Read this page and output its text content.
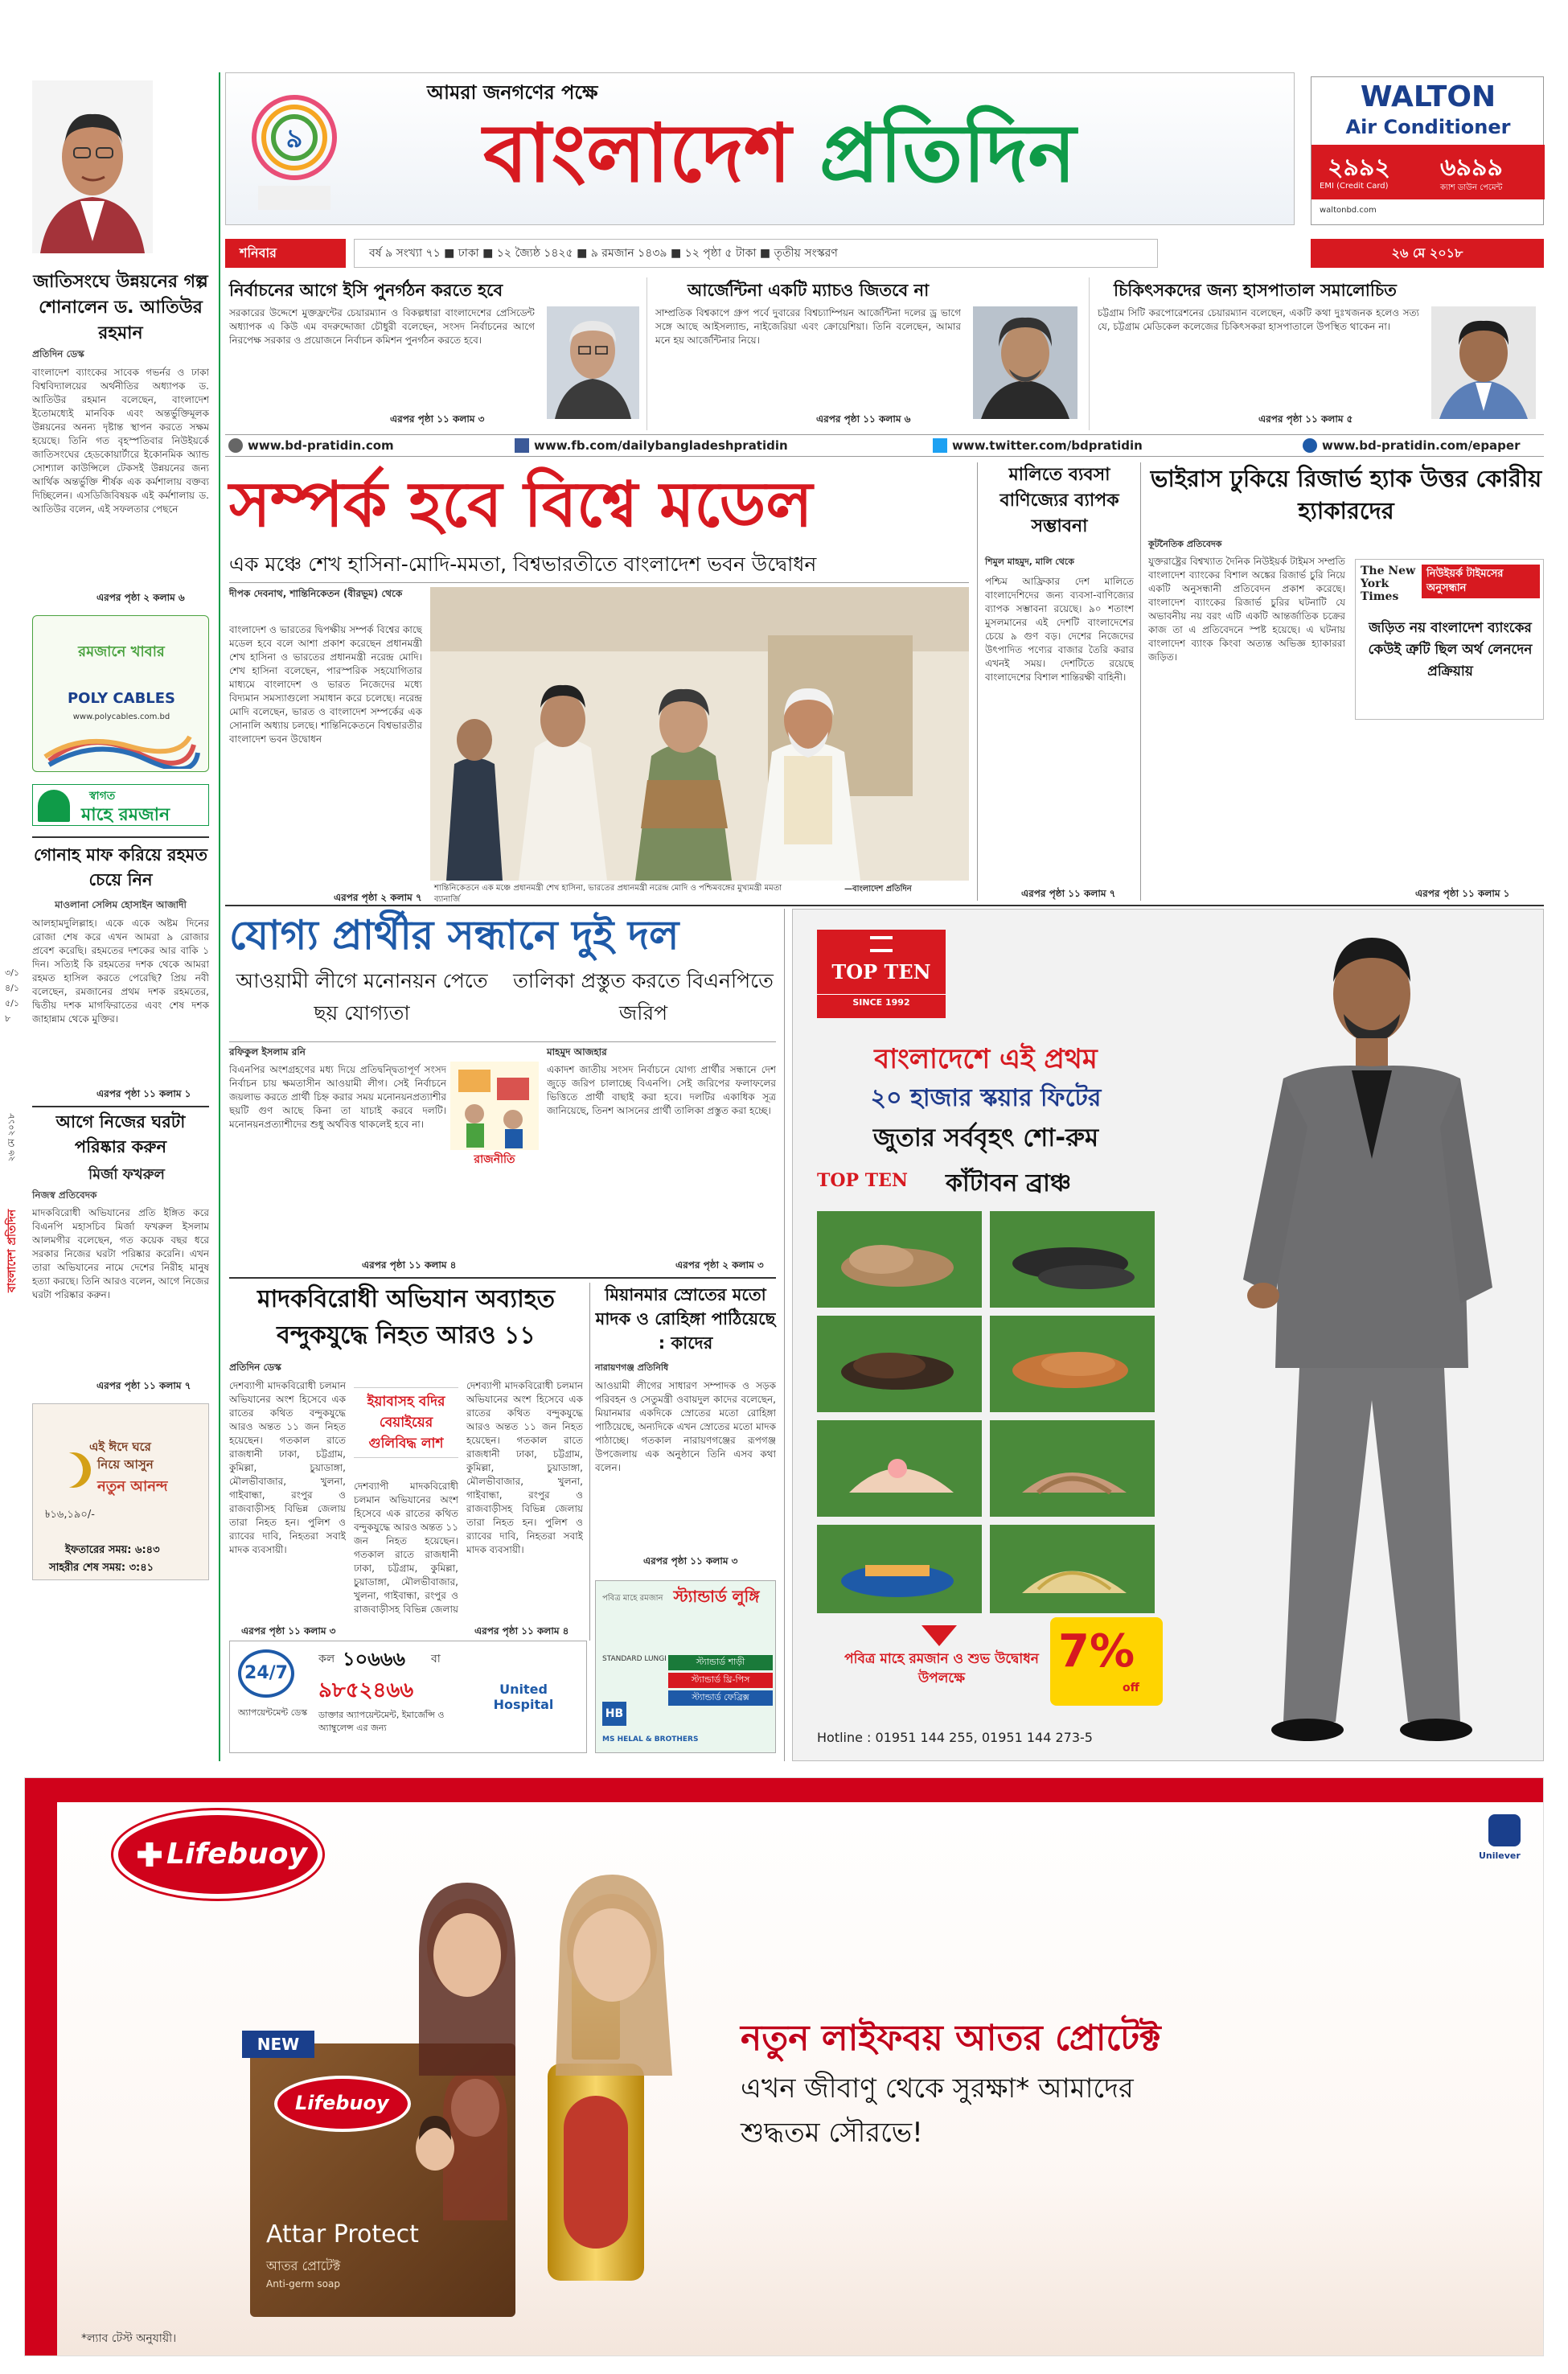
জাতিসংঘে উন্নয়নের গল্প শোনালেন ড. আতিউর রহমান
প্রতিদিন ডেস্ক
বাংলাদেশ ব্যাংকের সাবেক গভর্নর ও ঢাকা বিশ্ববিদ্যালয়ের অর্থনীতির অধ্যাপক ড. আতিউর রহমান বলেছেন, বাংলাদেশ ইতোমধ্যেই মানবিক এবং অন্তর্ভুক্তিমূলক উন্নয়নের অনন্য দৃষ্টান্ত স্থাপন করতে সক্ষম হয়েছে। তিনি গত বৃহস্পতিবার নিউইয়র্কে জাতিসংঘের হেডকোয়ার্টারে ইকোনমিক অ্যান্ড সোশ্যাল কাউন্সিলে টেকসই উন্নয়নের জন্য আর্থিক অন্তর্ভুক্তি শীর্ষক এক কর্মশালায় বক্তব্য দিচ্ছিলেন। এসডিজিবিষয়ক এই কর্মশালায় ড. আতিউর বলেন, এই সফলতার পেছনে
এরপর পৃষ্ঠা ২ কলাম ৬
রমজানে খাবার
POLY CABLES
www.polycables.com.bd
স্বাগত
মাহে রমজান
৩/১
৪/১
৫/১
৮
২৬ মে ২০১৮
বাংলাদেশ প্রতিদিন
গোনাহ মাফ করিয়ে রহমত চেয়ে নিন
মাওলানা সেলিম হোসাইন আজাদী
আলহামদুলিল্লাহ। একে একে অষ্টম দিনের রোজা শেষ করে এখন আমরা ৯ রোজার প্রবেশ করেছি। রহমতের দশকের আর বাকি ১ দিন। সত্যিই কি রহমতের দশক থেকে আমরা রহমত হাসিল করতে পেরেছি? প্রিয় নবী বলেছেন, রমজানের প্রথম দশক রহমতের, দ্বিতীয় দশক মাগফিরাতের এবং শেষ দশক জাহান্নাম থেকে মুক্তির।
এরপর পৃষ্ঠা ১১ কলাম ১
আগে নিজের ঘরটা পরিষ্কার করুন
মির্জা ফখরুল
নিজস্ব প্রতিবেদক
মাদকবিরোধী অভিযানের প্রতি ইঙ্গিত করে বিএনপি মহাসচিব মির্জা ফখরুল ইসলাম আলমগীর বলেছেন, গত কয়েক বছর ধরে সরকার নিজের ঘরটা পরিষ্কার করেনি। এখন তারা অভিযানের নামে দেশের নিরীহ মানুষ হত্যা করছে। তিনি আরও বলেন, আগে নিজের ঘরটা পরিষ্কার করুন।
এরপর পৃষ্ঠা ১১ কলাম ৭
এই ঈদে ঘরে
নিয়ে আসুন
নতুন আনন্দ
৳১৬,১৯০/-
ইফতারের সময়: ৬:৪৩
সাহরীর শেষ সময়: ৩:৪১
৯
আমরা জনগণের পক্ষে
বাংলাদেশ প্রতিদিন
WALTON
Air Conditioner
২৯৯২ ৬৯৯৯
EMI (Credit Card)	ক্যাশ ডাউন পেমেন্ট
waltonbd.com
শনিবার	বর্ষ ৯ সংখ্যা ৭১ ■ ঢাকা ■ ১২ জ্যৈষ্ঠ ১৪২৫ ■ ৯ রমজান ১৪৩৯ ■ ১২ পৃষ্ঠা ৫ টাকা ■ তৃতীয় সংস্করণ	২৬ মে ২০১৮
নির্বাচনের আগে ইসি পুনর্গঠন করতে হবে
সরকারের উদ্দেশে মুক্তফ্রন্টের চেয়ারম্যান ও বিকল্পধারা বাংলাদেশের প্রেসিডেন্ট অধ্যাপক এ কিউ এম বদরুদ্দোজা চৌধুরী বলেছেন, সংসদ নির্বাচনের আগে নিরপেক্ষ সরকার ও প্রয়োজনে নির্বাচন কমিশন পুনর্গঠন করতে হবে।
এরপর পৃষ্ঠা ১১ কলাম ৩
আর্জেন্টিনা একটি ম্যাচও জিতবে না
সাম্প্রতিক বিশ্বকাপে গ্রুপ পর্বে দুবারের বিশ্বচ্যাম্পিয়ন আর্জেন্টিনা দলের ড্র ভাগে সঙ্গে আছে আইসল্যান্ড, নাইজেরিয়া এবং ক্রোয়েশিয়া। তিনি বলেছেন, আমার মনে হয় আর্জেন্টিনার নিয়ে।
এরপর পৃষ্ঠা ১১ কলাম ৬
চিকিৎসকদের জন্য হাসপাতাল সমালোচিত
চট্টগ্রাম সিটি করপোরেশনের চেয়ারম্যান বলেছেন, একটি কথা দুঃখজনক হলেও সত্য যে, চট্টগ্রাম মেডিকেল কলেজের চিকিৎসকরা হাসপাতালে উপস্থিত থাকেন না।
এরপর পৃষ্ঠা ১১ কলাম ৫
www.bd-pratidin.com	www.fb.com/dailybangladeshpratidin	www.twitter.com/bdpratidin	www.bd-pratidin.com/epaper
সম্পর্ক হবে বিশ্বে মডেল
এক মঞ্চে শেখ হাসিনা-মোদি-মমতা, বিশ্বভারতীতে বাংলাদেশ ভবন উদ্বোধন
দীপক দেবনাথ, শান্তিনিকেতন (বীরভূম) থেকে
বাংলাদেশ ও ভারতের দ্বিপক্ষীয় সম্পর্ক বিশ্বের কাছে মডেল হবে বলে আশা প্রকাশ করেছেন প্রধানমন্ত্রী শেখ হাসিনা ও ভারতের প্রধানমন্ত্রী নরেন্দ্র মোদি। শেখ হাসিনা বলেছেন, পারস্পরিক সহযোগিতার মাধ্যমে বাংলাদেশ ও ভারত নিজেদের মধ্যে বিদ্যমান সমস্যাগুলো সমাধান করে চলেছে। নরেন্দ্র মোদি বলেছেন, ভারত ও বাংলাদেশ সম্পর্কের এক সোনালি অধ্যায় চলছে। শান্তিনিকেতনে বিশ্বভারতীর বাংলাদেশ ভবন উদ্বোধন
এরপর পৃষ্ঠা ২ কলাম ৭
শান্তিনিকেতনে এক মঞ্চে প্রধানমন্ত্রী শেখ হাসিনা, ভারতের প্রধানমন্ত্রী নরেন্দ্র মোদি ও পশ্চিমবঙ্গের মুখ্যমন্ত্রী মমতা ব্যানার্জি
—বাংলাদেশ প্রতিদিন
মালিতে ব্যবসা বাণিজ্যের ব্যাপক সম্ভাবনা
শিমুল মাহমুদ, মালি থেকে
পশ্চিম আফ্রিকার দেশ মালিতে বাংলাদেশিদের জন্য ব্যবসা-বাণিজ্যের ব্যাপক সম্ভাবনা রয়েছে। ৯০ শতাংশ মুসলমানের এই দেশটি বাংলাদেশের চেয়ে ৯ গুণ বড়। দেশের নিজেদের উৎপাদিত পণ্যের বাজার তৈরি করার এখনই সময়। দেশটিতে রয়েছে বাংলাদেশের বিশাল শান্তিরক্ষী বাহিনী।
এরপর পৃষ্ঠা ১১ কলাম ৭
ভাইরাস ঢুকিয়ে রিজার্ভ হ্যাক উত্তর কোরীয় হ্যাকারদের
কূটনৈতিক প্রতিবেদক
যুক্তরাষ্ট্রের বিশ্বখ্যাত দৈনিক নিউইয়র্ক টাইমস সম্প্রতি বাংলাদেশ ব্যাংকের বিশাল অঙ্কের রিজার্ভ চুরি নিয়ে একটি অনুসন্ধানী প্রতিবেদন প্রকাশ করেছে। বাংলাদেশ ব্যাংকের রিজার্ভ চুরির ঘটনাটি যে অভাবনীয় নয় বরং এটি একটি আন্তর্জাতিক চক্রের কাজ তা এ প্রতিবেদনে স্পষ্ট হয়েছে। এ ঘটনায় বাংলাদেশ ব্যাংক কিংবা অত্যন্ত অভিজ্ঞ হ্যাকাররা জড়িত।
The New York Times
নিউইয়র্ক টাইমসের অনুসন্ধান
জড়িত নয় বাংলাদেশ ব্যাংকের কেউই ত্রুটি ছিল অর্থ লেনদেন প্রক্রিয়ায়
এরপর পৃষ্ঠা ১১ কলাম ১
যোগ্য প্রার্থীর সন্ধানে দুই দল
আওয়ামী লীগে মনোনয়ন পেতে ছয় যোগ্যতা
তালিকা প্রস্তুত করতে বিএনপিতে জরিপ
রফিকুল ইসলাম রনি	মাহমুদ আজহার
বিএনপির অংশগ্রহণের মধ্য দিয়ে প্রতিদ্বন্দ্বিতাপূর্ণ সংসদ নির্বাচন চায় ক্ষমতাসীন আওয়ামী লীগ। সেই নির্বাচনে জয়লাভ করতে প্রার্থী চিহ্ন করার সময় মনোনয়নপ্রত্যাশীর ছয়টি গুণ আছে কিনা তা যাচাই করবে দলটি। মনোনয়নপ্রত্যাশীদের শুধু অর্থবিত্ত থাকলেই হবে না।
রাজনীতি
একাদশ জাতীয় সংসদ নির্বাচনে যোগ্য প্রার্থীর সন্ধানে দেশ জুড়ে জরিপ চালাচ্ছে বিএনপি। সেই জরিপের ফলাফলের ভিত্তিতে প্রার্থী বাছাই করা হবে। দলটির একাধিক সূত্র জানিয়েছে, তিনশ আসনের প্রার্থী তালিকা প্রস্তুত করা হচ্ছে।
এরপর পৃষ্ঠা ১১ কলাম ৪	এরপর পৃষ্ঠা ২ কলাম ৩
মাদকবিরোধী অভিযান অব্যাহত
বন্দুকযুদ্ধে নিহত আরও ১১
প্রতিদিন ডেস্ক
দেশব্যাপী মাদকবিরোধী চলমান অভিযানের অংশ হিসেবে এক রাতের কথিত বন্দুকযুদ্ধে আরও অন্তত ১১ জন নিহত হয়েছেন। গতকাল রাতে রাজধানী ঢাকা, চট্টগ্রাম, কুমিল্লা, চুয়াডাঙ্গা, মৌলভীবাজার, খুলনা, গাইবান্ধা, রংপুর ও রাজবাড়ীসহ বিভিন্ন জেলায় তারা নিহত হন। পুলিশ ও র‌্যাবের দাবি, নিহতরা সবাই মাদক ব্যবসায়ী।
ইয়াবাসহ বদির বেয়াইয়ের গুলিবিদ্ধ লাশ
দেশব্যাপী মাদকবিরোধী চলমান অভিযানের অংশ হিসেবে এক রাতের কথিত বন্দুকযুদ্ধে আরও অন্তত ১১ জন নিহত হয়েছেন। গতকাল রাতে রাজধানী ঢাকা, চট্টগ্রাম, কুমিল্লা, চুয়াডাঙ্গা, মৌলভীবাজার, খুলনা, গাইবান্ধা, রংপুর ও রাজবাড়ীসহ বিভিন্ন জেলায়
দেশব্যাপী মাদকবিরোধী চলমান অভিযানের অংশ হিসেবে এক রাতের কথিত বন্দুকযুদ্ধে আরও অন্তত ১১ জন নিহত হয়েছেন। গতকাল রাতে রাজধানী ঢাকা, চট্টগ্রাম, কুমিল্লা, চুয়াডাঙ্গা, মৌলভীবাজার, খুলনা, গাইবান্ধা, রংপুর ও রাজবাড়ীসহ বিভিন্ন জেলায় তারা নিহত হন। পুলিশ ও র‌্যাবের দাবি, নিহতরা সবাই মাদক ব্যবসায়ী।
এরপর পৃষ্ঠা ১১ কলাম ৩	এরপর পৃষ্ঠা ১১ কলাম ৪
মিয়ানমার স্রোতের মতো মাদক ও রোহিঙ্গা পাঠিয়েছে : কাদের
নারায়ণগঞ্জ প্রতিনিধি
আওয়ামী লীগের সাধারণ সম্পাদক ও সড়ক পরিবহন ও সেতুমন্ত্রী ওবায়দুল কাদের বলেছেন, মিয়ানমার একদিকে স্রোতের মতো রোহিঙ্গা পাঠিয়েছে, অন্যদিকে এখন স্রোতের মতো মাদক পাঠাচ্ছে। গতকাল নারায়ণগঞ্জের রূপগঞ্জ উপজেলায় এক অনুষ্ঠানে তিনি এসব কথা বলেন।
এরপর পৃষ্ঠা ১১ কলাম ৩
পবিত্র মাহে রমজান স্ট্যান্ডার্ড লুঙ্গি
STANDARD LUNGI	স্ট্যান্ডার্ড শাড়ী
স্ট্যান্ডার্ড থ্রি-পিস
স্ট্যান্ডার্ড ফেব্রিক্স
HB
MS HELAL & BROTHERS
24/7
অ্যাপয়েন্টমেন্ট ডেস্ক
কল ১০৬৬৬ বা
৯৮৫২৪৬৬
ডাক্তার অ্যাপয়েন্টমেন্ট, ইমার্জেন্সি ও অ্যাম্বুলেন্স এর জন্য
United Hospital
TOP TEN
SINCE 1992
বাংলাদেশে এই প্রথম
২০ হাজার স্কয়ার ফিটের
জুতার সর্ববৃহৎ শো-রুম
TOP TEN	কাঁটাবন ব্রাঞ্চ
পবিত্র মাহে রমজান ও শুভ উদ্বোধন উপলক্ষে
7%
off
Hotline : 01951 144 255, 01951 144 273-5
Lifebuoy
NEW
Lifebuoy
Attar Protect
আতর প্রোটেক্ট
Anti-germ soap
নতুন লাইফবয় আতর প্রোটেক্ট
এখন জীবাণু থেকে সুরক্ষা* আমাদের
শুদ্ধতম সৌরভে!
*ল্যাব টেস্ট অনুযায়ী।
Unilever
